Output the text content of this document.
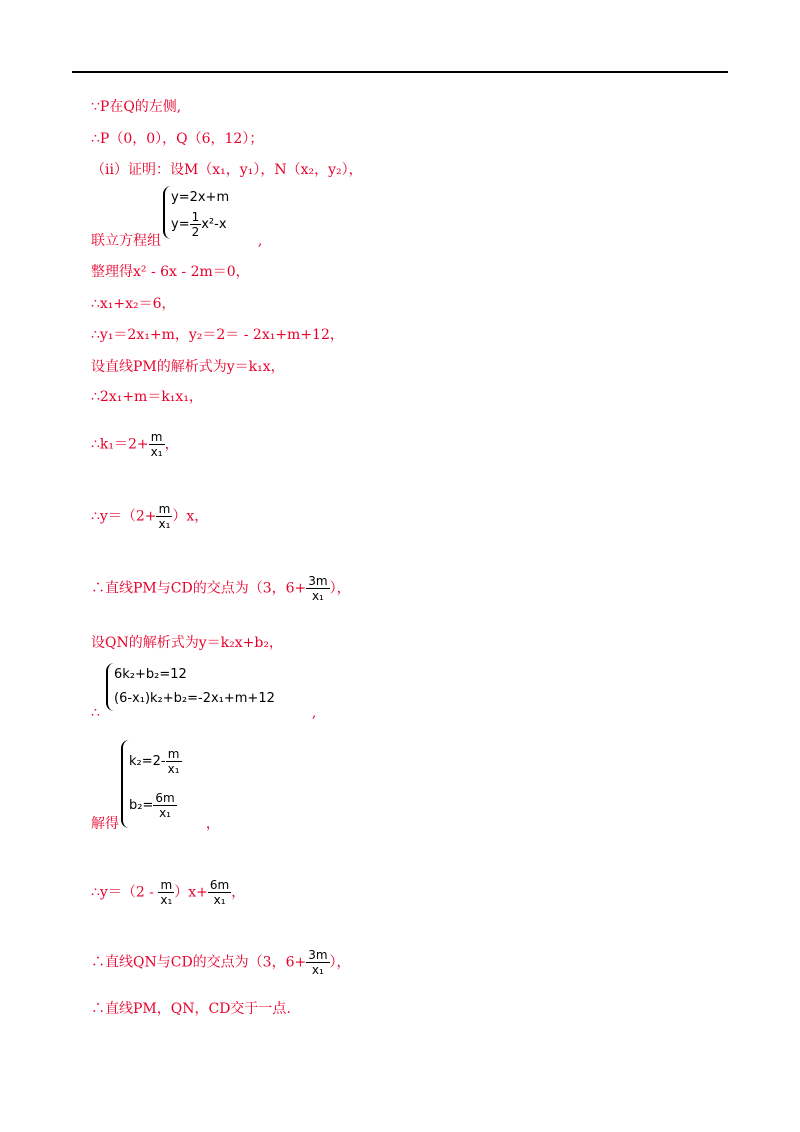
∵P在Q的左侧,
∴P（0，0），Q（6，12）；
（ii）证明：设M（x₁，y₁），N（x₂，y₂），
联立方程组	,
y=2x+m
$y= \frac{1}{2} x^2-x$
整理得x² - 6x - 2m＝0，
∴x₁+x₂＝6，
∴y₁＝2x₁+m，y₂＝2＝ - 2x₁+m+12，
设直线PM的解析式为y＝k₁x，
∴2x₁+m＝k₁x₁，
∴k₁＝2+ $\frac{m}{\text{x₁}}$ ，
∴y＝（2+ $\frac{m}{\text{x₁}} )x$，
∴直线PM与CD的交点为（3，$6+ \frac{3m}{\text{x₁}}$ ），
设QN的解析式为y＝k₂x+b₂，
∴	,
6k₂+b₂=12
(6-x₁)k₂+b₂=-2x₁+m+12
解得	，
$k_2=2- \frac{m}{\text{x₁}}$
$b_2= \frac{6m}{\text{x₁}}$
∴y＝（2 - $\frac{m}{\text{x₁}} )x+ \frac{6m}{\text{x₁}}$ ，
∴直线QN与CD的交点为（3，$6+ \frac{3m}{\text{x₁}}$ ），
∴直线PM，QN，CD交于一点.
